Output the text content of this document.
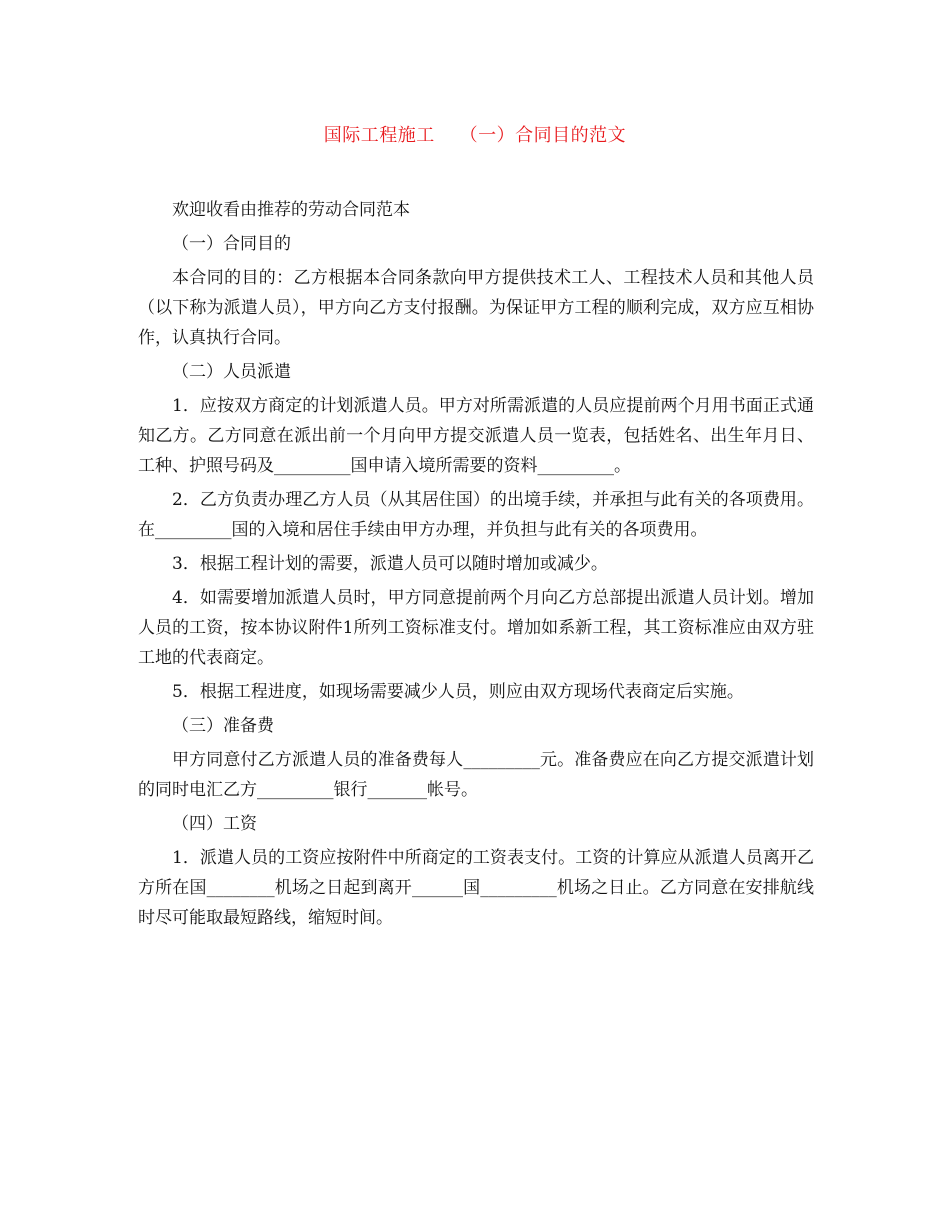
国际工程施工    （一）合同目的范文

欢迎收看由推荐的劳动合同范本

（一）合同目的

本合同的目的：乙方根据本合同条款向甲方提供技术工人、工程技术人员和其他人员（以下称为派遣人员），甲方向乙方支付报酬。为保证甲方工程的顺利完成，双方应互相协作，认真执行合同。

（二）人员派遣

1．应按双方商定的计划派遣人员。甲方对所需派遣的人员应提前两个月用书面正式通知乙方。乙方同意在派出前一个月向甲方提交派遣人员一览表，包括姓名、出生年月日、工种、护照号码及_________国申请入境所需要的资料_________。

2．乙方负责办理乙方人员（从其居住国）的出境手续，并承担与此有关的各项费用。在_________国的入境和居住手续由甲方办理，并负担与此有关的各项费用。

3．根据工程计划的需要，派遣人员可以随时增加或减少。

4．如需要增加派遣人员时，甲方同意提前两个月向乙方总部提出派遣人员计划。增加人员的工资，按本协议附件1所列工资标准支付。增加如系新工程，其工资标准应由双方驻工地的代表商定。

5．根据工程进度，如现场需要减少人员，则应由双方现场代表商定后实施。

（三）准备费

甲方同意付乙方派遣人员的准备费每人_________元。准备费应在向乙方提交派遣计划的同时电汇乙方_________银行_______帐号。

（四）工资

1．派遣人员的工资应按附件中所商定的工资表支付。工资的计算应从派遣人员离开乙方所在国________机场之日起到离开______国_________机场之日止。乙方同意在安排航线时尽可能取最短路线，缩短时间。
